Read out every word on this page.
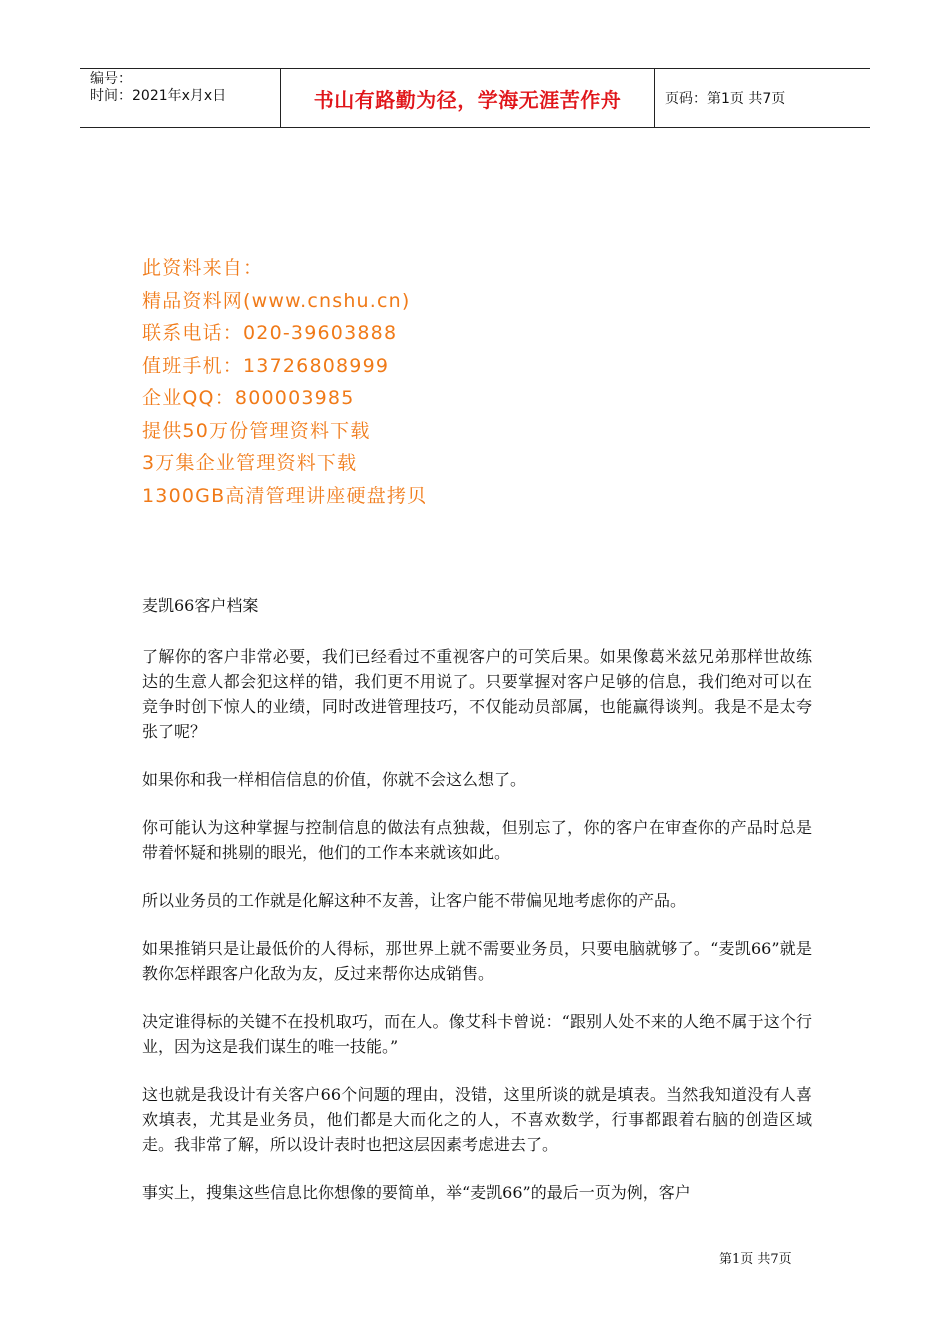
编号：
时间：2021年x月x日	书山有路勤为径，学海无涯苦作舟	页码：第1页 共7页
此资料来自：
精品资料网(www.cnshu.cn)
联系电话：020-39603888
值班手机：13726808999
企业QQ：800003985
提供50万份管理资料下载
3万集企业管理资料下载
1300GB高清管理讲座硬盘拷贝

麦凯66客户档案

了解你的客户非常必要，我们已经看过不重视客户的可笑后果。如果像葛米兹兄弟那样世故练达的生意人都会犯这样的错，我们更不用说了。只要掌握对客户足够的信息，我们绝对可以在竞争时创下惊人的业绩，同时改进管理技巧，不仅能动员部属，也能赢得谈判。我是不是太夸张了呢？

如果你和我一样相信信息的价值，你就不会这么想了。

你可能认为这种掌握与控制信息的做法有点独裁，但别忘了，你的客户在审查你的产品时总是带着怀疑和挑剔的眼光，他们的工作本来就该如此。

所以业务员的工作就是化解这种不友善，让客户能不带偏见地考虑你的产品。

如果推销只是让最低价的人得标，那世界上就不需要业务员，只要电脑就够了。“麦凯66”就是教你怎样跟客户化敌为友，反过来帮你达成销售。

决定谁得标的关键不在投机取巧，而在人。像艾科卡曾说：“跟别人处不来的人绝不属于这个行业，因为这是我们谋生的唯一技能。”

这也就是我设计有关客户66个问题的理由，没错，这里所谈的就是填表。当然我知道没有人喜欢填表，尤其是业务员，他们都是大而化之的人，不喜欢数学，行事都跟着右脑的创造区域走。我非常了解，所以设计表时也把这层因素考虑进去了。

事实上，搜集这些信息比你想像的要简单，举“麦凯66”的最后一页为例，客户

第1页 共7页
